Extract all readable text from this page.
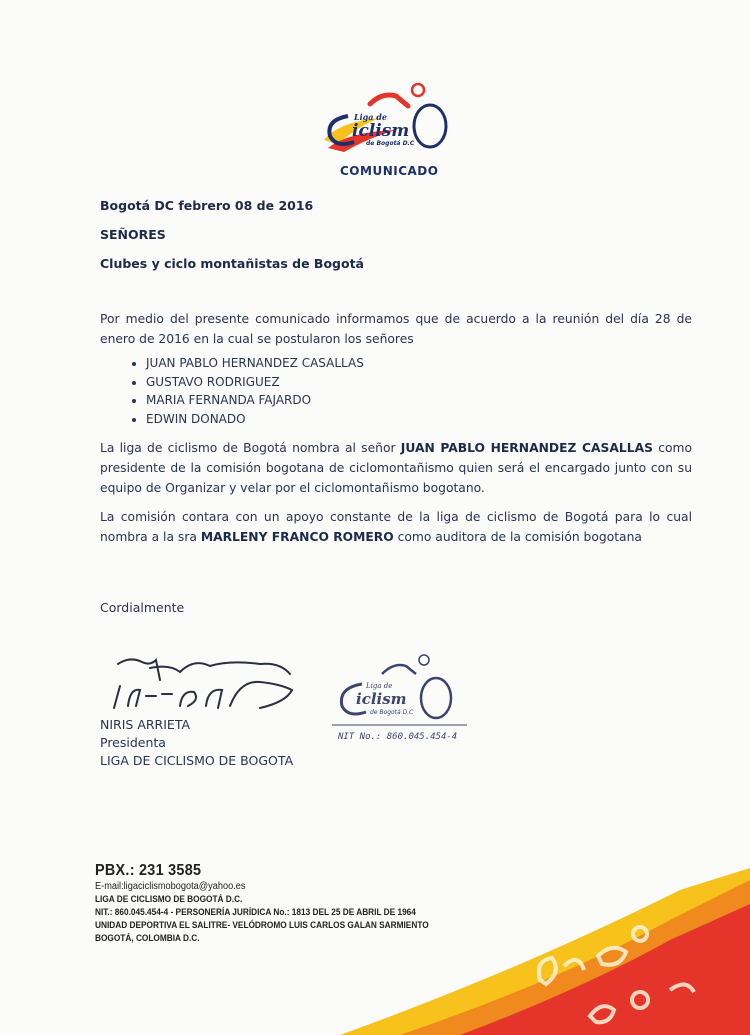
Liga de
iclism
de Bogotá D.C
COMUNICADO
Bogotá DC febrero 08 de 2016
SEÑORES
Clubes y ciclo montañistas de Bogotá
Por medio del presente comunicado informamos que de acuerdo a la reunión del día 28 de enero de 2016 en la cual se postularon los señores
• JUAN PABLO HERNANDEZ CASALLAS
• GUSTAVO RODRIGUEZ
• MARIA FERNANDA FAJARDO
• EDWIN DONADO
La liga de ciclismo de Bogotá nombra al señor JUAN PABLO HERNANDEZ CASALLAS como presidente de la comisión bogotana de ciclomontañismo quien será el encargado junto con su equipo de Organizar y velar por el ciclomontañismo bogotano.
La comisión contara con un apoyo constante de la liga de ciclismo de Bogotá para lo cual nombra a la sra MARLENY FRANCO ROMERO como auditora de la comisión bogotana
Cordialmente
NIRIS ARRIETA
Presidenta
LIGA DE CICLISMO DE BOGOTA
Liga de
iclism
de Bogotá D.C
NIT No.: 860.045.454-4
PBX.: 231 3585
E-mail:ligaciclismobogota@yahoo.es
LIGA DE CICLISMO DE BOGOTÁ D.C.
NIT.: 860.045.454-4 - PERSONERÍA JURÍDICA No.: 1813 DEL 25 DE ABRIL DE 1964
UNIDAD DEPORTIVA EL SALITRE- VELÓDROMO LUIS CARLOS GALAN SARMIENTO
BOGOTÁ, COLOMBIA D.C.
